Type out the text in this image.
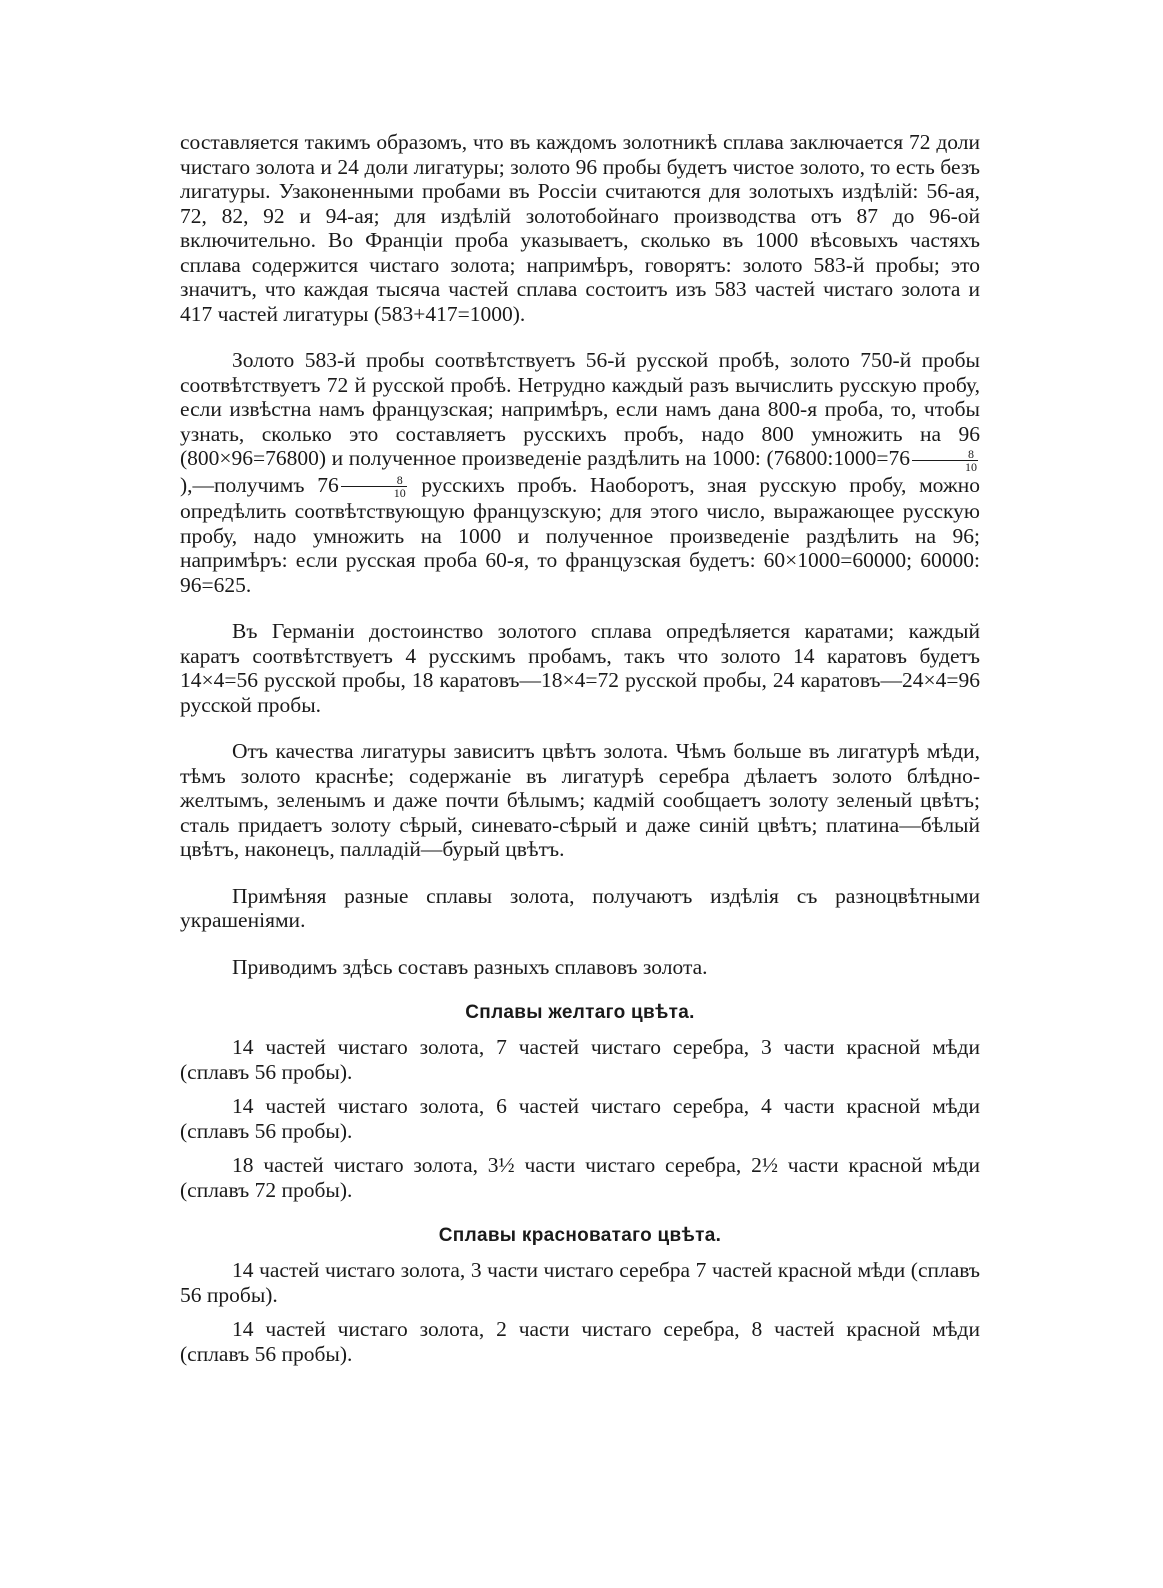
составляется такимъ образомъ, что въ каждомъ золотникѣ сплава заключается 72 доли чистаго золота и 24 доли лигатуры; золото 96 пробы будетъ чистое золото, то есть безъ лигатуры. Узаконенными пробами въ Россіи считаются для золотыхъ издѣлій: 56-ая, 72, 82, 92 и 94-ая; для издѣлій золотобойнаго производства отъ 87 до 96-ой включительно. Во Франціи проба указываетъ, сколько въ 1000 вѣсовыхъ частяхъ сплава содержится чистаго золота; напримѣръ, говорятъ: золото 583-й пробы; это значитъ, что каждая тысяча частей сплава состоитъ изъ 583 частей чистаго золота и 417 частей лигатуры (583+417=1000).

Золото 583-й пробы соотвѣтствуетъ 56-й русской пробѣ, золото 750-й пробы соотвѣтствуетъ 72 й русской пробѣ. Нетрудно каждый разъ вычислить русскую пробу, если извѣстна намъ французская; напримѣръ, если намъ дана 800-я проба, то, чтобы узнать, сколько это составляетъ русскихъ пробъ, надо 800 умножить на 96 (800×96=76800) и полученное произведеніе раздѣлить на 1000: (76800:1000=76 $\frac{8}{10}$
),—получимъ $76 \frac{8}{10}$ русскихъ пробъ. Наоборотъ, зная русскую пробу, можно опредѣлить соотвѣтствующую французскую; для этого число, выражающее русскую пробу, надо умножить на 1000 и полученное произведеніе раздѣлить на 96; напримѣръ: если русская проба 60-я, то французская будетъ: 60×1000=60000; 60000: 96=625.

Въ Германіи достоинство золотого сплава опредѣляется каратами; каждый каратъ соотвѣтствуетъ 4 русскимъ пробамъ, такъ что золото 14 каратовъ будетъ 14×4=56 русской пробы, 18 каратовъ—18×4=72 русской пробы, 24 каратовъ—24×4=96 русской пробы.

Отъ качества лигатуры зависитъ цвѣтъ золота. Чѣмъ больше въ лигатурѣ мѣди, тѣмъ золото краснѣе; содержаніе въ лигатурѣ серебра дѣлаетъ золото блѣдно-желтымъ, зеленымъ и даже почти бѣлымъ; кадмій сообщаетъ золоту зеленый цвѣтъ; сталь придаетъ золоту сѣрый, синевато-сѣрый и даже синій цвѣтъ; платина—бѣлый цвѣтъ, наконецъ, палладій—бурый цвѣтъ.

Примѣняя разные сплавы золота, получаютъ издѣлія съ разноцвѣтными украшеніями.

Приводимъ здѣсь составъ разныхъ сплавовъ золота.

Сплавы желтаго цвѣта.

14 частей чистаго золота, 7 частей чистаго серебра, 3 части красной мѣди (сплавъ 56 пробы).

14 частей чистаго золота, 6 частей чистаго серебра, 4 части красной мѣди (сплавъ 56 пробы).

18 частей чистаго золота, 3½ части чистаго серебра, 2½ части красной мѣди (сплавъ 72 пробы).

Сплавы красноватаго цвѣта.

14 частей чистаго золота, 3 части чистаго серебра 7 частей красной мѣди (сплавъ 56 пробы).

14 частей чистаго золота, 2 части чистаго серебра, 8 частей красной мѣди (сплавъ 56 пробы).
